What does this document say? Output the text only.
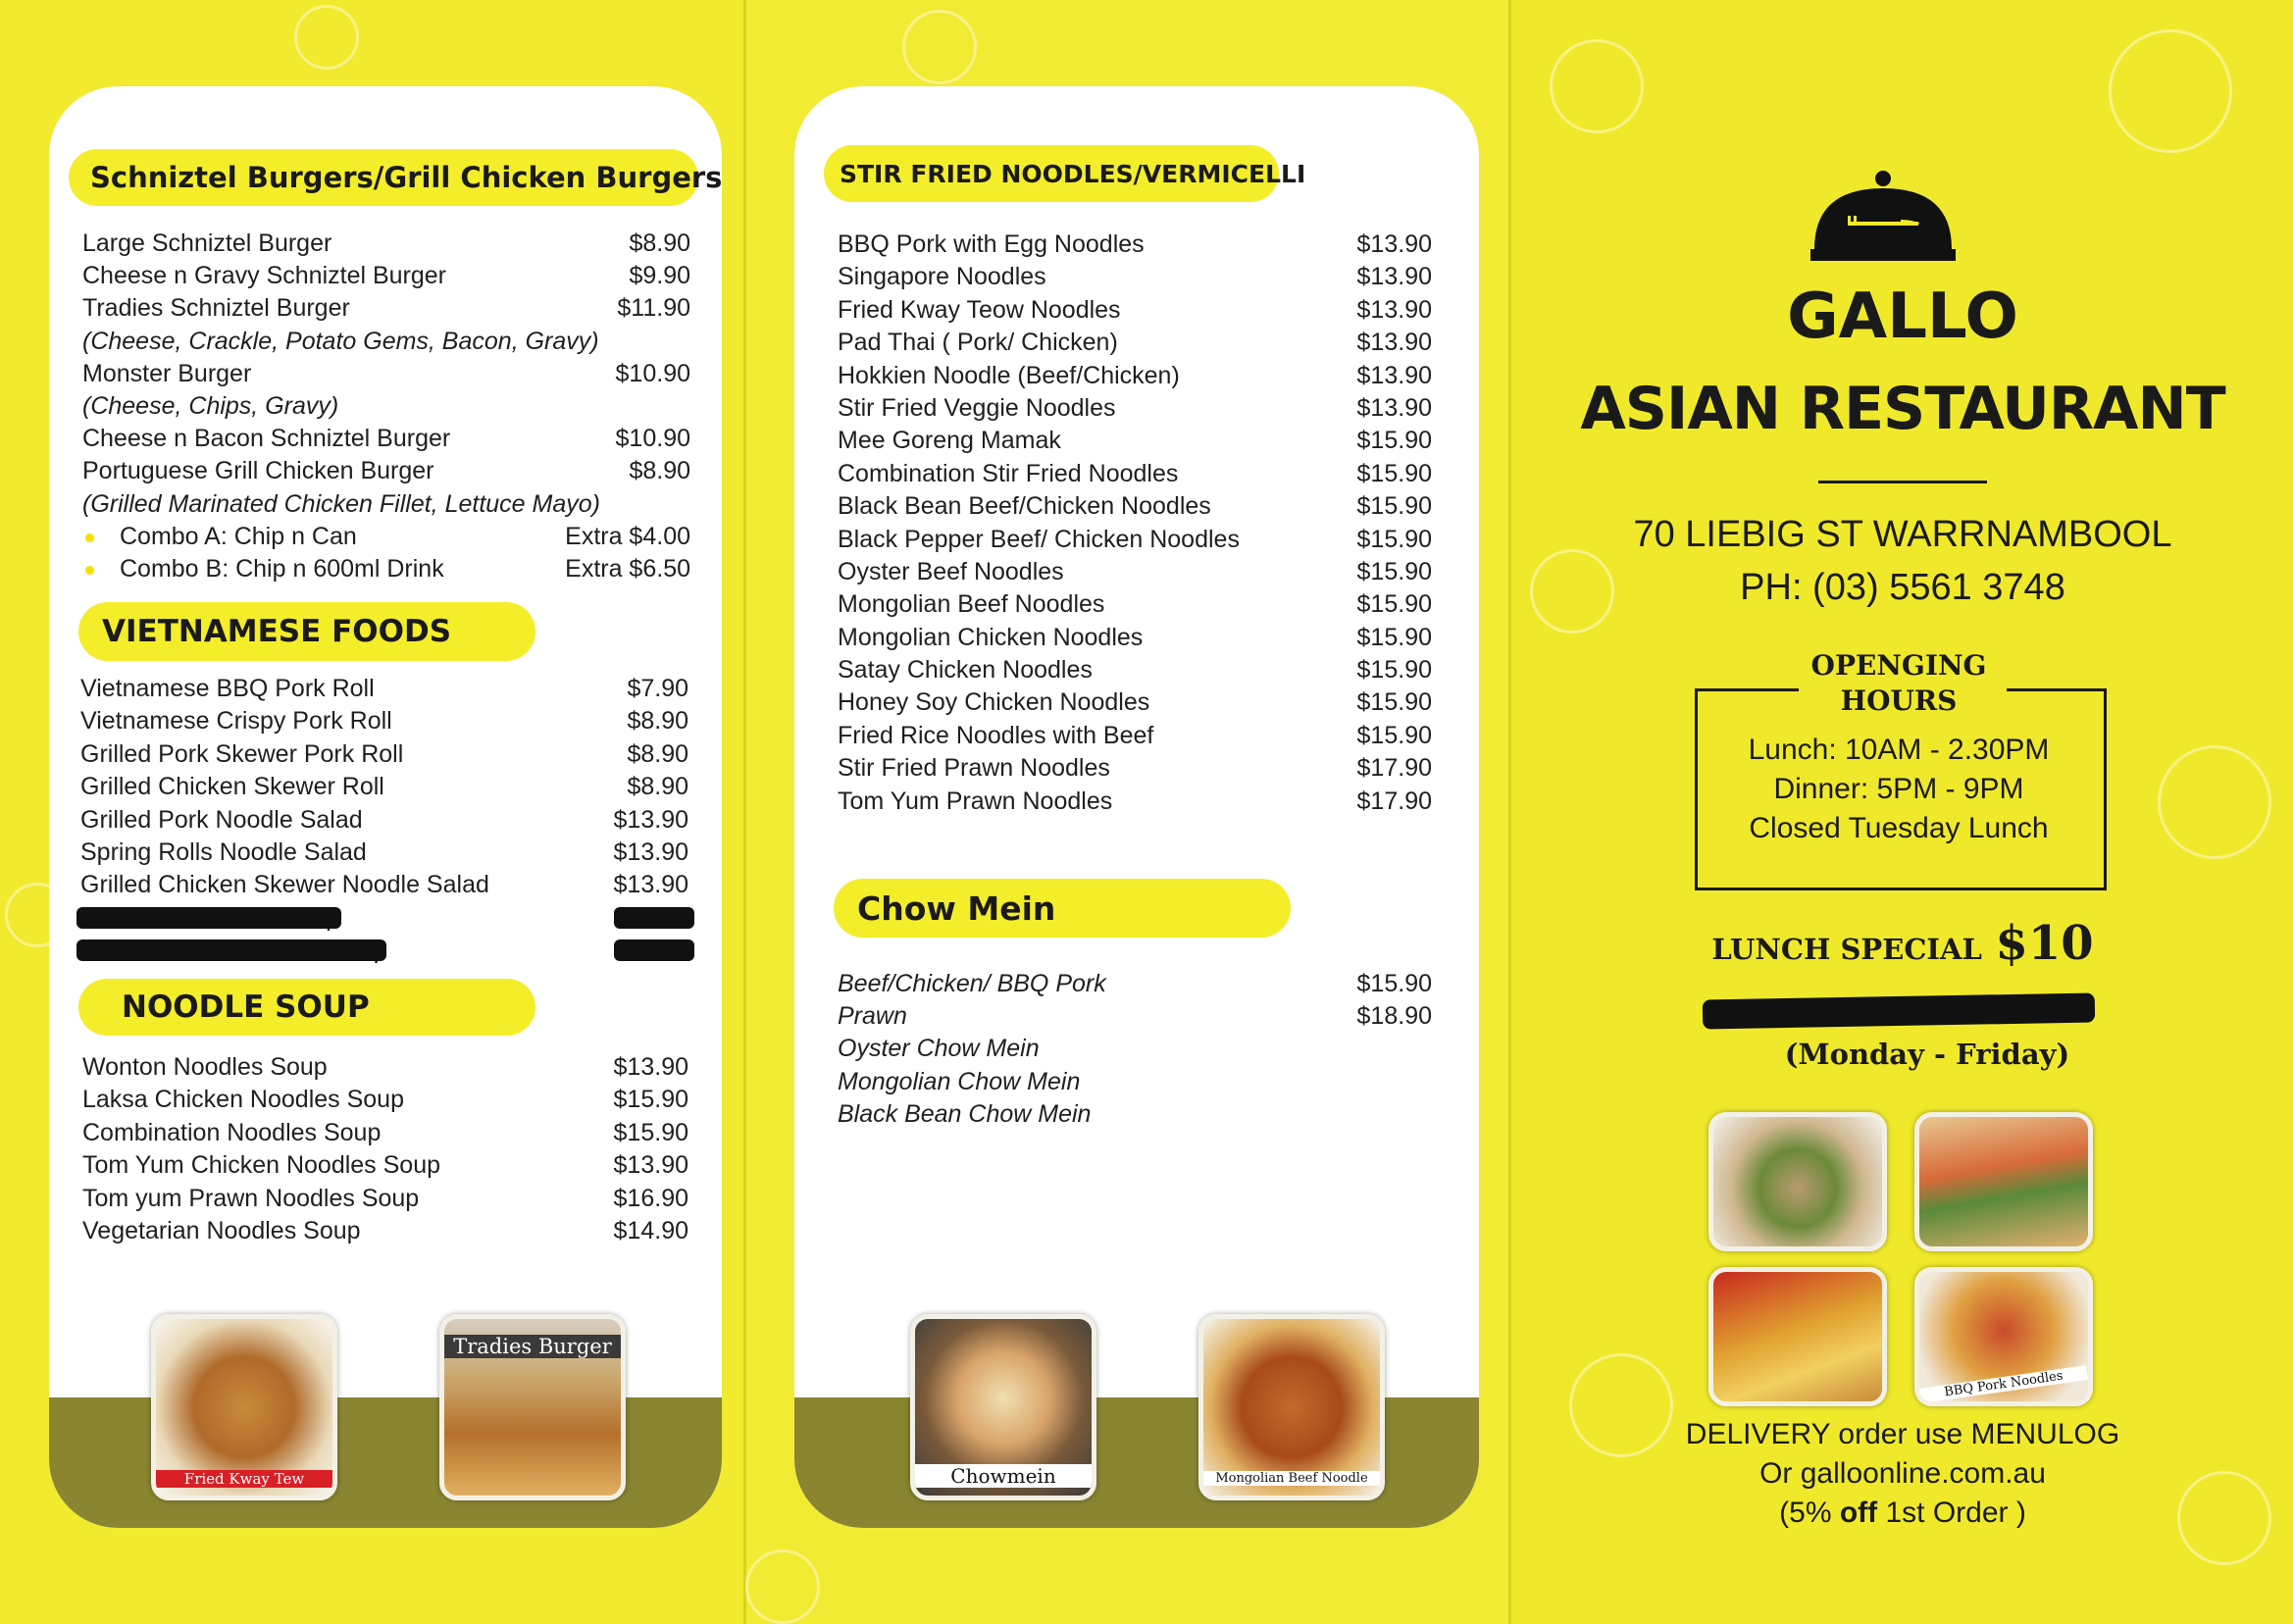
Schniztel Burgers/Grill Chicken Burgers
Large Schniztel Burger	$8.90
Cheese n Gravy Schniztel Burger	$9.90
Tradies Schniztel Burger	$11.90
(Cheese, Crackle, Potato Gems, Bacon, Gravy)
Monster Burger	$10.90
(Cheese, Chips, Gravy)
Cheese n Bacon Schniztel Burger	$10.90
Portuguese Grill Chicken Burger	$8.90
(Grilled Marinated Chicken Fillet, Lettuce Mayo)
Combo A: Chip n Can	Extra $4.00
Combo B: Chip n 600ml Drink	Extra $6.50
VIETNAMESE FOODS
Vietnamese BBQ Pork Roll	$7.90
Vietnamese Crispy Pork Roll	$8.90
Grilled Pork Skewer Pork Roll	$8.90
Grilled Chicken Skewer Roll	$8.90
Grilled Pork Noodle Salad	$13.90
Spring Rolls Noodle Salad	$13.90
Grilled Chicken Skewer Noodle Salad	$13.90
NOODLE SOUP
Wonton Noodles Soup	$13.90
Laksa Chicken Noodles Soup	$15.90
Combination Noodles Soup	$15.90
Tom Yum Chicken Noodles Soup	$13.90
Tom yum Prawn Noodles Soup	$16.90
Vegetarian Noodles Soup	$14.90
Fried Kway Tew
Tradies Burger
STIR FRIED NOODLES/VERMICELLI
BBQ Pork with Egg Noodles	$13.90
Singapore Noodles	$13.90
Fried Kway Teow Noodles	$13.90
Pad Thai ( Pork/ Chicken)	$13.90
Hokkien Noodle (Beef/Chicken)	$13.90
Stir Fried Veggie Noodles	$13.90
Mee Goreng Mamak	$15.90
Combination Stir Fried Noodles	$15.90
Black Bean Beef/Chicken Noodles	$15.90
Black Pepper Beef/ Chicken Noodles	$15.90
Oyster Beef Noodles	$15.90
Mongolian Beef Noodles	$15.90
Mongolian Chicken Noodles	$15.90
Satay Chicken Noodles	$15.90
Honey Soy Chicken Noodles	$15.90
Fried Rice Noodles with Beef	$15.90
Stir Fried Prawn Noodles	$17.90
Tom Yum Prawn Noodles	$17.90
Chow Mein
Beef/Chicken/ BBQ Pork	$15.90
Prawn	$18.90
Oyster Chow Mein
Mongolian Chow Mein
Black Bean Chow Mein
Chowmein	Mongolian Beef Noodle
GALLO
ASIAN RESTAURANT
70 LIEBIG ST WARRNAMBOOL
PH: (03) 5561 3748
OPENGING
HOURS
Lunch: 10AM - 2.30PM
Dinner: 5PM - 9PM
Closed Tuesday Lunch
LUNCH SPECIAL $10
(Monday - Friday)
BBQ Pork Noodles
DELIVERY order use MENULOG
Or galloonline.com.au
(5% off 1st Order )
